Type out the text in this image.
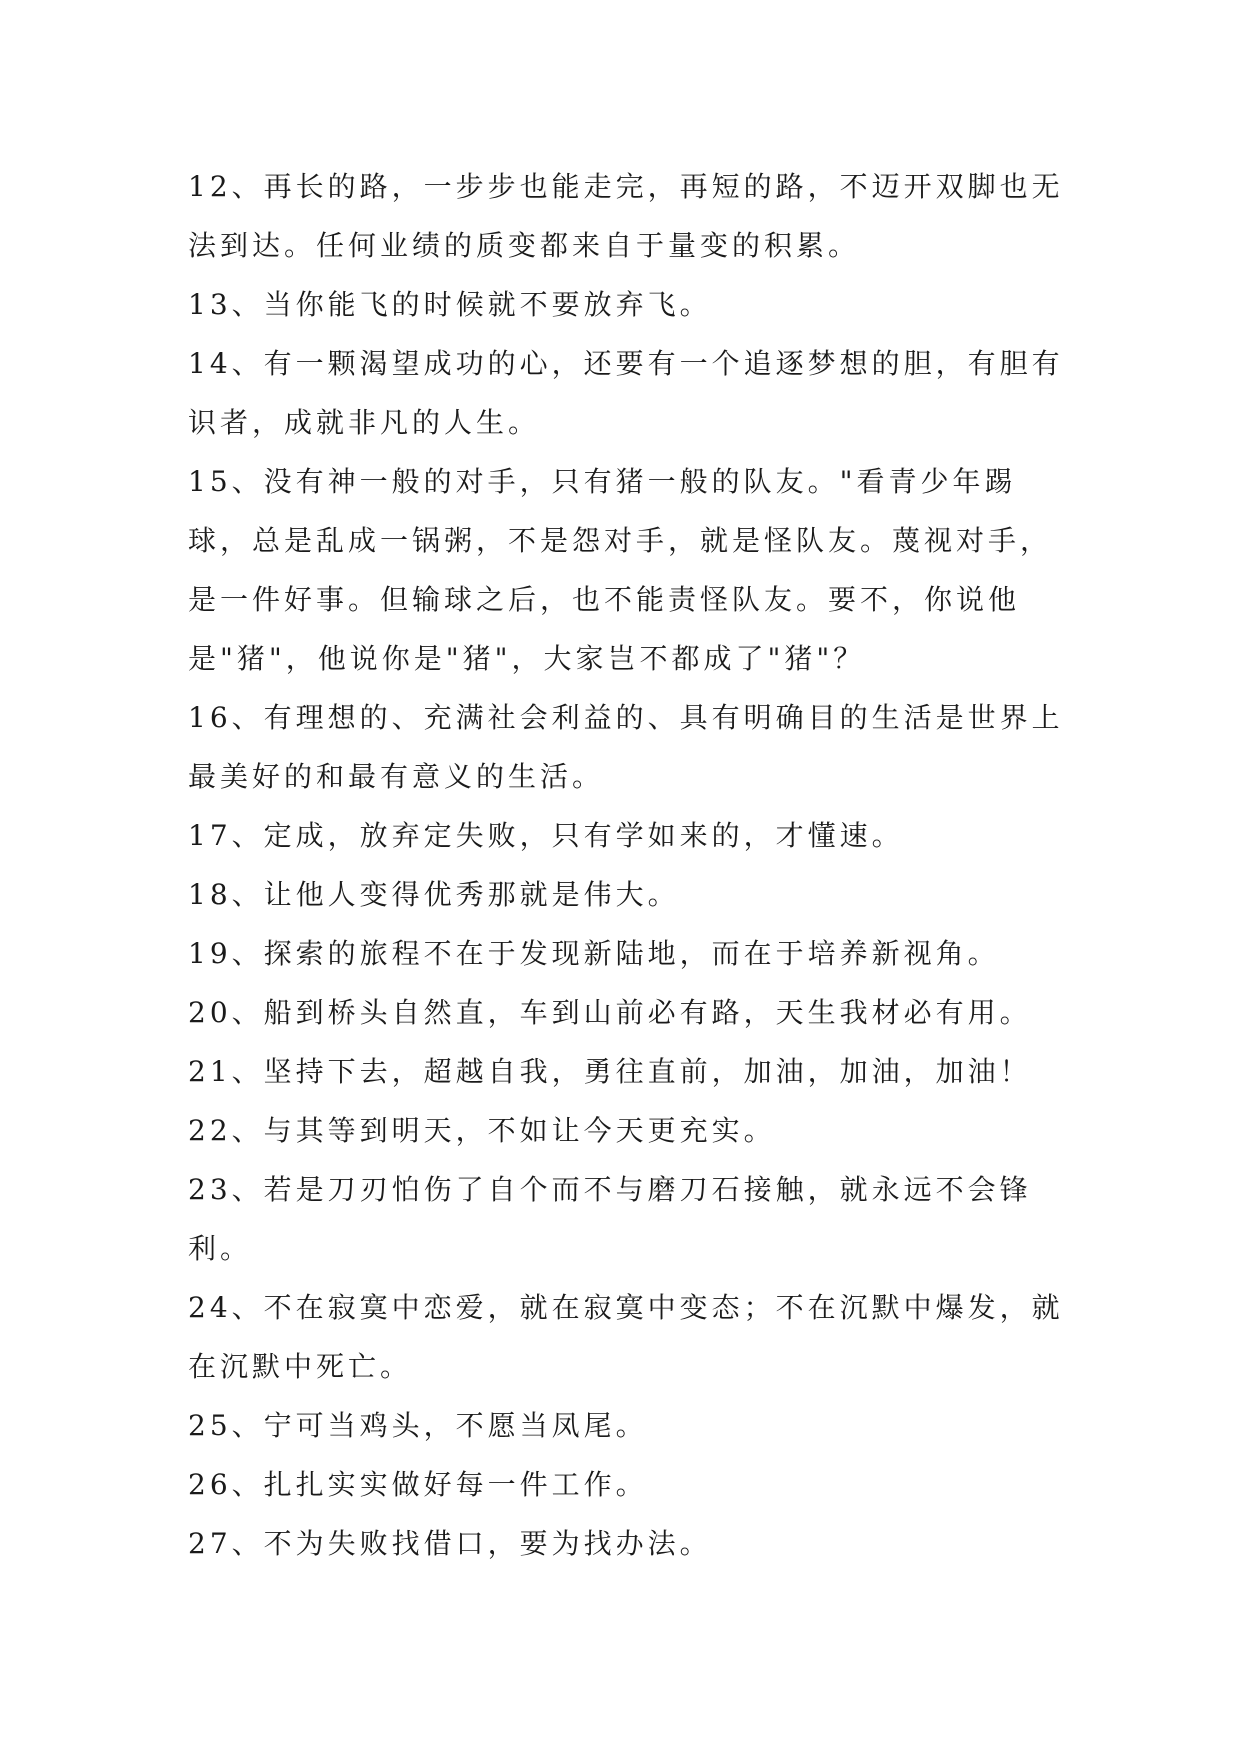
12、再长的路，一步步也能走完，再短的路，不迈开双脚也无法到达。任何业绩的质变都来自于量变的积累。

13、当你能飞的时候就不要放弃飞。

14、有一颗渴望成功的心，还要有一个追逐梦想的胆，有胆有识者，成就非凡的人生。

15、没有神一般的对手，只有猪一般的队友。"看青少年踢球，总是乱成一锅粥，不是怨对手，就是怪队友。蔑视对手，是一件好事。但输球之后，也不能责怪队友。要不，你说他是"猪"，他说你是"猪"，大家岂不都成了"猪"？

16、有理想的、充满社会利益的、具有明确目的生活是世界上最美好的和最有意义的生活。

17、定成，放弃定失败，只有学如来的，才懂速。

18、让他人变得优秀那就是伟大。

19、探索的旅程不在于发现新陆地，而在于培养新视角。

20、船到桥头自然直，车到山前必有路，天生我材必有用。

21、坚持下去，超越自我，勇往直前，加油，加油，加油！

22、与其等到明天，不如让今天更充实。

23、若是刀刃怕伤了自个而不与磨刀石接触，就永远不会锋利。

24、不在寂寞中恋爱，就在寂寞中变态；不在沉默中爆发，就在沉默中死亡。

25、宁可当鸡头，不愿当凤尾。

26、扎扎实实做好每一件工作。

27、不为失败找借口，要为找办法。
